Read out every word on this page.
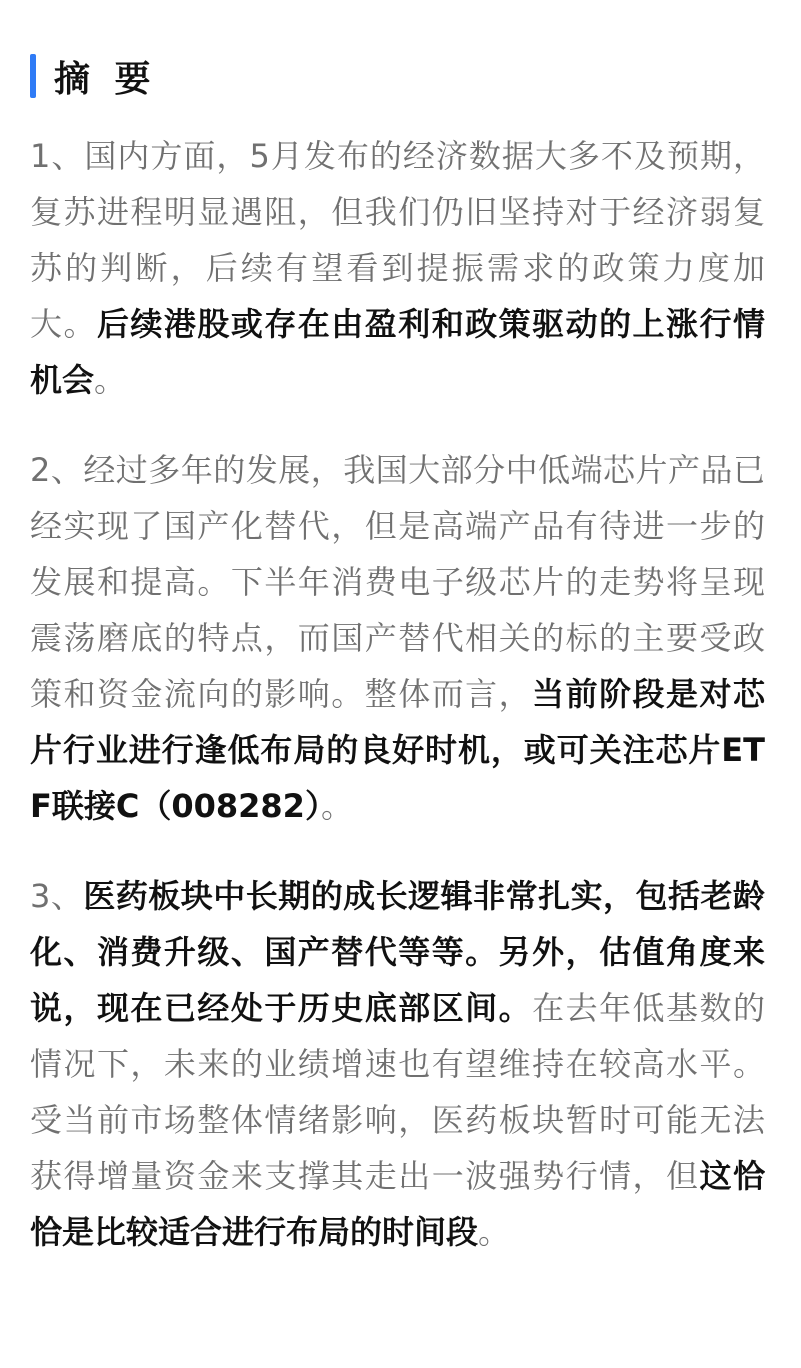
摘 要

1、国内方面，5月发布的经济数据大多不及预期，复苏进程明显遇阻，但我们仍旧坚持对于经济弱复苏的判断，后续有望看到提振需求的政策力度加大。后续港股或存在由盈利和政策驱动的上涨行情机会。

2、经过多年的发展，我国大部分中低端芯片产品已经实现了国产化替代，但是高端产品有待进一步的发展和提高。下半年消费电子级芯片的走势将呈现震荡磨底的特点，而国产替代相关的标的主要受政策和资金流向的影响。整体而言，当前阶段是对芯片行业进行逢低布局的良好时机，或可关注芯片ETF联接C（008282）。

3、医药板块中长期的成长逻辑非常扎实，包括老龄化、消费升级、国产替代等等。另外，估值角度来说，现在已经处于历史底部区间。在去年低基数的情况下，未来的业绩增速也有望维持在较高水平。受当前市场整体情绪影响，医药板块暂时可能无法获得增量资金来支撑其走出一波强势行情，但这恰恰是比较适合进行布局的时间段。
